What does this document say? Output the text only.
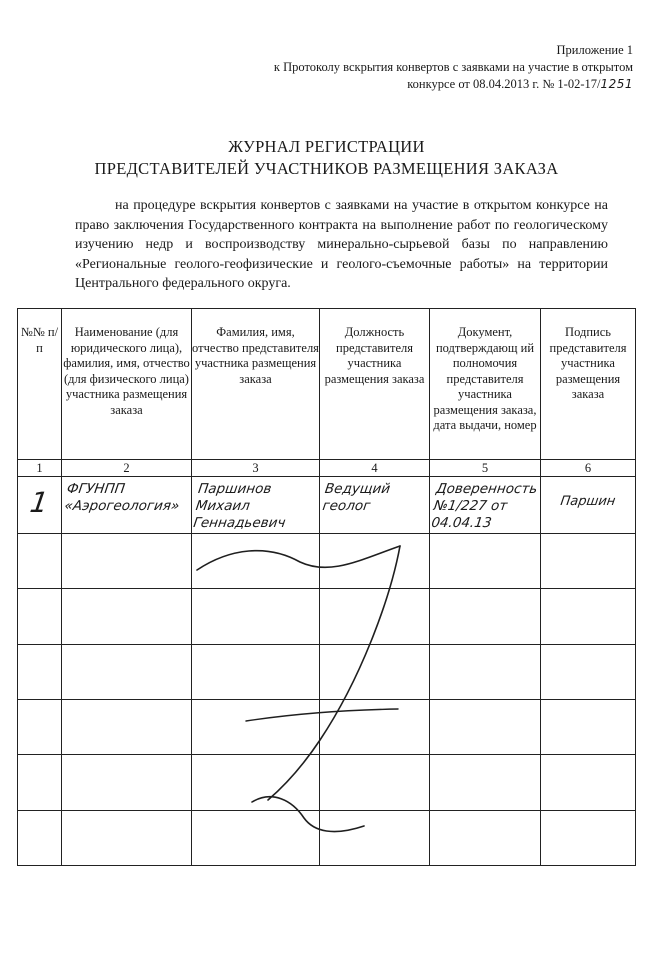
Приложение 1
к Протоколу вскрытия конвертов с заявками на участие в открытом
конкурсе от 08.04.2013 г. № 1-02-17/1251
ЖУРНАЛ РЕГИСТРАЦИИ
ПРЕДСТАВИТЕЛЕЙ УЧАСТНИКОВ РАЗМЕЩЕНИЯ ЗАКАЗА
на процедуре вскрытия конвертов с заявками на участие в открытом конкурсе на право заключения Государственного контракта на выполнение работ по геологическому изучению недр и воспроизводству минерально-сырьевой базы по направлению «Региональные геолого-геофизические и геолого-съемочные работы» на территории Центрального федерального округа.
№№ п/п	Наименование (для юридического лица), фамилия, имя, отчество (для физического лица) участника размещения заказа	Фамилия, имя, отчество представителя участника размещения заказа	Должность представителя участника размещения заказа	Документ, подтверждающ ий полномочия представителя участника размещения заказа, дата выдачи, номер	Подпись представителя участника размещения заказа
1	2	3	4	5	6

1	ФГУНПП «Аэрогеология»	Паршинов Михаил Геннадьевич	Ведущий геолог	Доверенность №1/227 от 04.04.13	Паршин
